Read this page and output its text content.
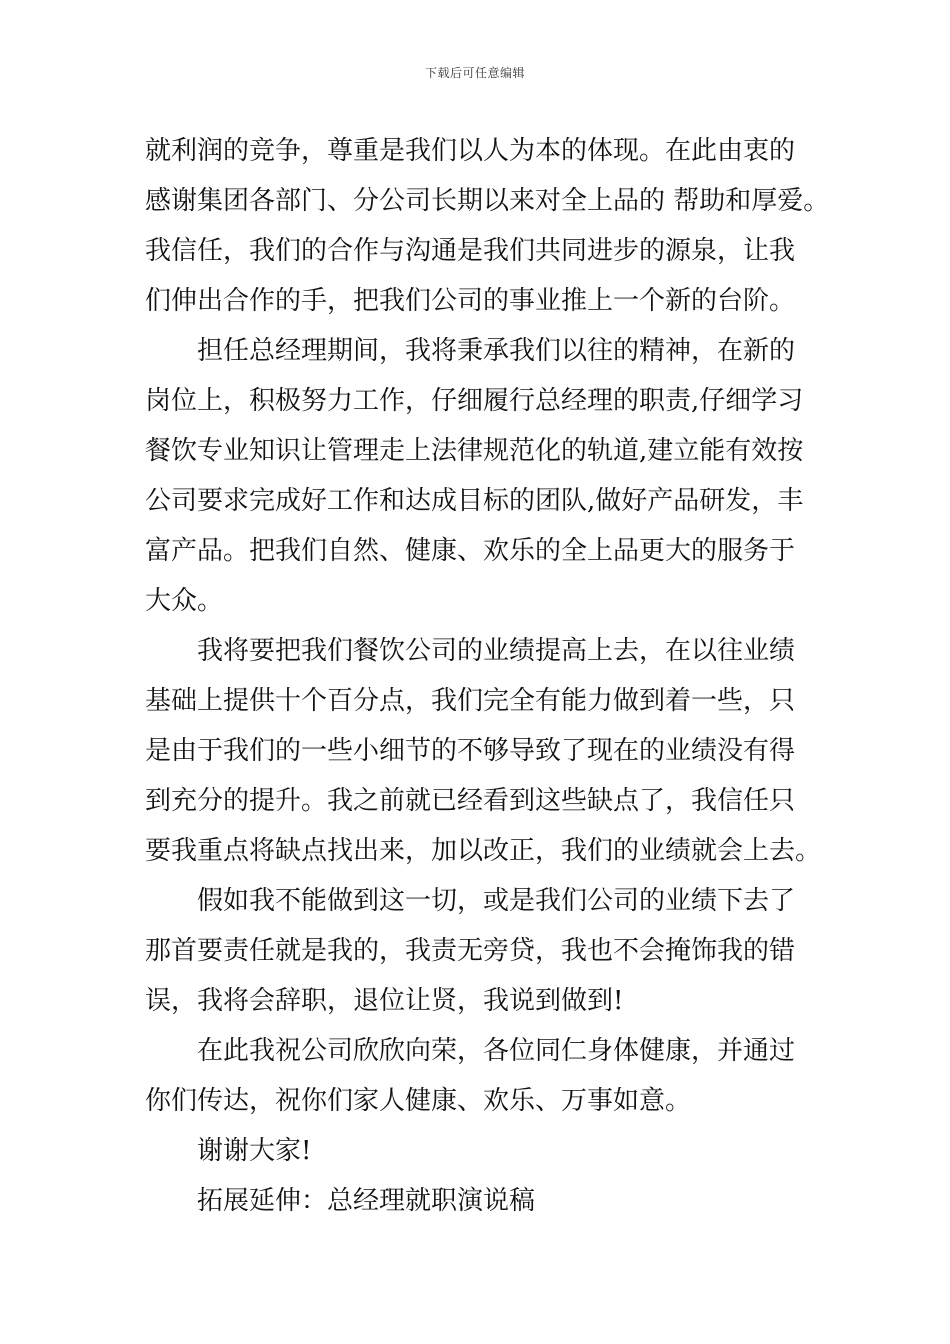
下载后可任意编辑
就利润的竞争，尊重是我们以人为本的体现。在此由衷的
感谢集团各部门、分公司长期以来对全上品的 帮助和厚爱。
我信任，我们的合作与沟通是我们共同进步的源泉，让我
们伸出合作的手，把我们公司的事业推上一个新的台阶。
担任总经理期间，我将秉承我们以往的精神，在新的
岗位上，积极努力工作，仔细履行总经理的职责,仔细学习
餐饮专业知识让管理走上法律规范化的轨道,建立能有效按
公司要求完成好工作和达成目标的团队,做好产品研发，丰
富产品。把我们自然、健康、欢乐的全上品更大的服务于
大众。
我将要把我们餐饮公司的业绩提高上去，在以往业绩
基础上提供十个百分点，我们完全有能力做到着一些，只
是由于我们的一些小细节的不够导致了现在的业绩没有得
到充分的提升。我之前就已经看到这些缺点了，我信任只
要我重点将缺点找出来，加以改正，我们的业绩就会上去。
假如我不能做到这一切，或是我们公司的业绩下去了
那首要责任就是我的，我责无旁贷，我也不会掩饰我的错
误，我将会辞职，退位让贤，我说到做到!
在此我祝公司欣欣向荣，各位同仁身体健康，并通过
你们传达，祝你们家人健康、欢乐、万事如意。
谢谢大家!
拓展延伸：总经理就职演说稿
